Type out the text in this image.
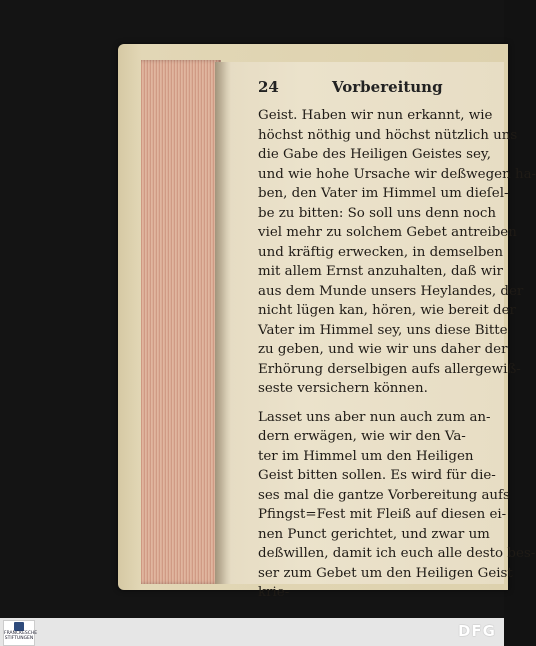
24	Vorbereitung
Geist. Haben wir nun erkannt, wie
höchst nöthig und höchst nützlich uns
die Gabe des Heiligen Geistes sey,
und wie hohe Ursache wir deßwegen ha-
ben, den Vater im Himmel um dieſel-
be zu bitten: So soll uns denn noch
viel mehr zu solchem Gebet antreiben
und kräftig erwecken, in demselben
mit allem Ernst anzuhalten, daß wir
aus dem Munde unsers Heylandes, der
nicht lügen kan, hören, wie bereit der
Vater im Himmel sey, uns diese Bitte
zu geben, und wie wir uns daher der
Erhörung derselbigen aufs allergewiß-
seste versichern können.
Lasset uns aber nun auch zum an-
dern erwägen, wie wir den Va-
ter im Himmel um den Heiligen
Geist bitten sollen. Es wird für die-
ses mal die gantze Vorbereitung aufs
Pfingst=Fest mit Fleiß auf diesen ei-
nen Punct gerichtet, und zwar um
deßwillen, damit ich euch alle desto bes-
ser zum Gebet um den Heiligen Geist
krie-
FRANCKESCHE STIFTUNGEN	DFG
